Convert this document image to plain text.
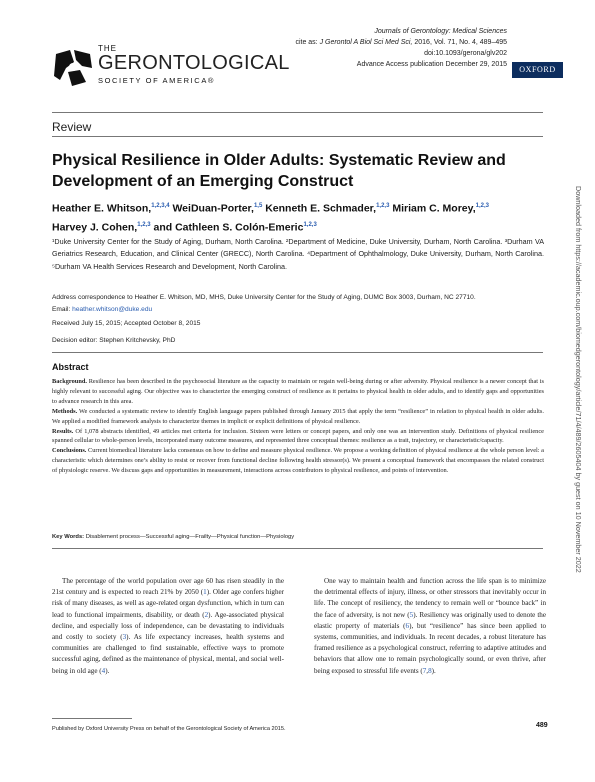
THE
GERONTOLOGICAL
SOCIETY OF AMERICA®
Journals of Gerontology: Medical Sciences
cite as: J Gerontol A Biol Sci Med Sci, 2016, Vol. 71, No. 4, 489–495
doi:10.1093/gerona/glv202
Advance Access publication December 29, 2015
OXFORD
Review
Physical Resilience in Older Adults: Systematic Review and Development of an Emerging Construct
Heather E. Whitson,$^{1,2,3,4}$ WeiDuan-Porter,$^{1,5}$ Kenneth E. Schmader,$^{1,2,3}$ Miriam C. Morey,$^{1,2,3}$
Harvey J. Cohen,$^{1,2,3}$ and Cathleen S. Colón-Emeric$^{1,2,3}$

¹Duke University Center for the Study of Aging, Durham, North Carolina. ²Department of Medicine, Duke University, Durham, North Carolina. ³Durham VA Geriatrics Research, Education, and Clinical Center (GRECC), North Carolina. ⁴Department of Ophthalmology, Duke University, Durham, North Carolina. ⁵Durham VA Health Services Research and Development, North Carolina.

Address correspondence to Heather E. Whitson, MD, MHS, Duke University Center for the Study of Aging, DUMC Box 3003, Durham, NC 27710.
Email: heather.whitson@duke.edu
Received July 15, 2015; Accepted October 8, 2015
Decision editor: Stephen Kritchevsky, PhD
Abstract

Background. Resilience has been described in the psychosocial literature as the capacity to maintain or regain well-being during or after adversity. Physical resilience is a newer concept that is highly relevant to successful aging. Our objective was to characterize the emerging construct of resilience as it pertains to physical health in older adults, and to identify gaps and opportunities to advance research in this area.

Methods. We conducted a systematic review to identify English language papers published through January 2015 that apply the term “resilience” in relation to physical health in older adults. We applied a modified framework analysis to characterize themes in implicit or explicit definitions of physical resilience.

Results. Of 1,078 abstracts identified, 49 articles met criteria for inclusion. Sixteen were letters or concept papers, and only one was an intervention study. Definitions of physical resilience spanned cellular to whole-person levels, incorporated many outcome measures, and represented three conceptual themes: resilience as a trait, trajectory, or characteristic/capacity.

Conclusions. Current biomedical literature lacks consensus on how to define and measure physical resilience. We propose a working definition of physical resilience at the whole person level: a characteristic which determines one’s ability to resist or recover from functional decline following health stressor(s). We present a conceptual framework that encompasses the related construct of physiologic reserve. We discuss gaps and opportunities in measurement, interactions across contributors to physical resilience, and points of intervention.

Key Words: Disablement process—Successful aging—Frailty—Physical function—Physiology

The percentage of the world population over age 60 has risen steadily in the 21st century and is expected to reach 21% by 2050 (1). Older age confers higher risk of many diseases, as well as age-related organ dysfunction, which in turn can lead to functional impairments, disability, or death (2). Age-associated physical decline, and especially loss of independence, can be devastating to individuals and costly to society (3). As life expectancy increases, health systems and communities are challenged to find sustainable, effective ways to promote successful aging, defined as the maintenance of physical, mental, and social well-being in old age (4).

One way to maintain health and function across the life span is to minimize the detrimental effects of injury, illness, or other stressors that inevitably occur in life. The concept of resiliency, the tendency to remain well or “bounce back” in the face of adversity, is not new (5). Resiliency was originally used to denote the elastic property of materials (6), but “resilience” has since been applied to systems, communities, and individuals. In recent decades, a robust literature has framed resilience as a psychological construct, referring to adaptive attitudes and behaviors that allow one to remain psychologically sound, or even thrive, after being exposed to stressful life events (7,8).

Published by Oxford University Press on behalf of the Gerontological Society of America 2015.	489
Downloaded from https://academic.oup.com/biomedgerontology/article/71/4/489/2605404 by guest on 10 November 2022
